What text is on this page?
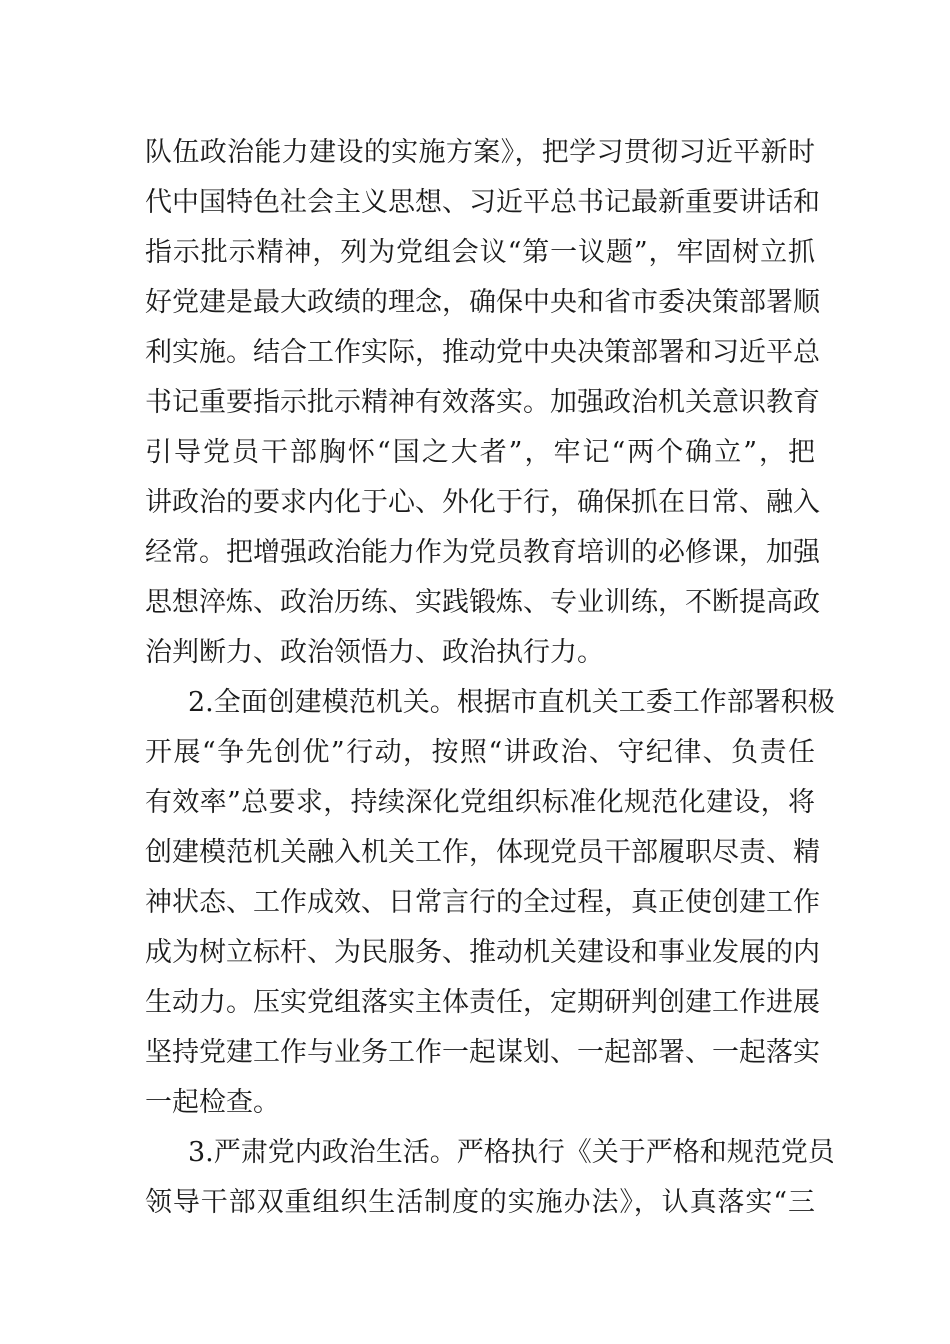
队伍政治能力建设的实施方案》，把学习贯彻习近平新时
代中国特色社会主义思想、习近平总书记最新重要讲话和
指示批示精神，列为党组会议“第一议题”，牢固树立抓
好党建是最大政绩的理念，确保中央和省市委决策部署顺
利实施。结合工作实际，推动党中央决策部署和习近平总
书记重要指示批示精神有效落实。加强政治机关意识教育
引导党员干部胸怀“国之大者”，牢记“两个确立”，把
讲政治的要求内化于心、外化于行，确保抓在日常、融入
经常。把增强政治能力作为党员教育培训的必修课，加强
思想淬炼、政治历练、实践锻炼、专业训练，不断提高政
治判断力、政治领悟力、政治执行力。
2.全面创建模范机关。根据市直机关工委工作部署积极
开展“争先创优”行动，按照“讲政治、守纪律、负责任
有效率”总要求，持续深化党组织标准化规范化建设，将
创建模范机关融入机关工作，体现党员干部履职尽责、精
神状态、工作成效、日常言行的全过程，真正使创建工作
成为树立标杆、为民服务、推动机关建设和事业发展的内
生动力。压实党组落实主体责任，定期研判创建工作进展
坚持党建工作与业务工作一起谋划、一起部署、一起落实
一起检查。
3.严肃党内政治生活。严格执行《关于严格和规范党员
领导干部双重组织生活制度的实施办法》，认真落实“三
